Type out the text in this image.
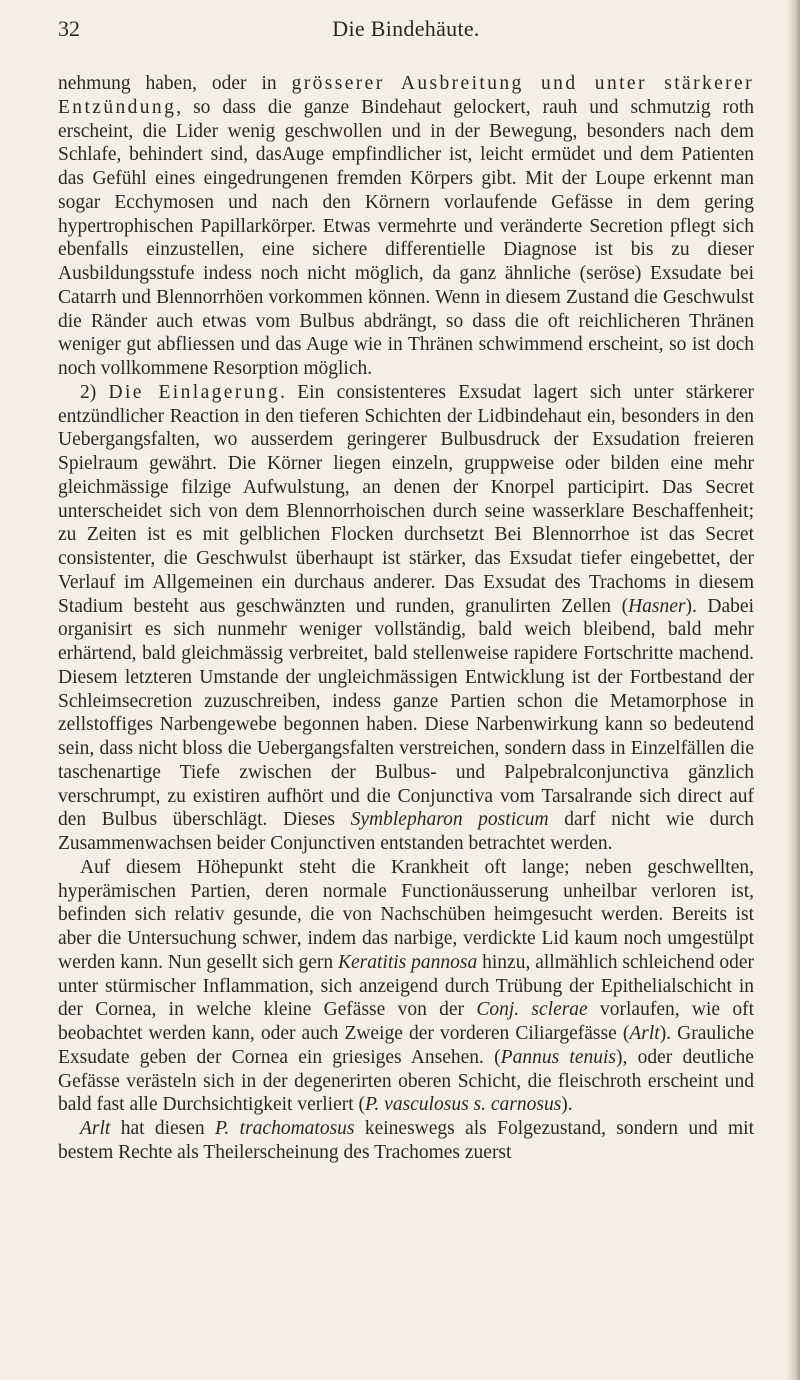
32	Die Bindehäute.

nehmung haben, oder in grösserer Ausbreitung und unter stärkerer Entzündung, so dass die ganze Bindehaut gelockert, rauh und schmutzig roth erscheint, die Lider wenig geschwollen und in der Bewegung, besonders nach dem Schlafe, behindert sind, dasAuge empfindlicher ist, leicht ermüdet und dem Patienten das Gefühl eines eingedrungenen fremden Körpers gibt. Mit der Loupe erkennt man sogar Ecchymosen und nach den Körnern vorlaufende Gefässe in dem gering hypertrophischen Papillarkörper. Etwas vermehrte und veränderte Secretion pflegt sich ebenfalls einzustellen, eine sichere differentielle Diagnose ist bis zu dieser Ausbildungsstufe indess noch nicht möglich, da ganz ähnliche (seröse) Exsudate bei Catarrh und Blennorrhöen vorkommen können. Wenn in diesem Zustand die Geschwulst die Ränder auch etwas vom Bulbus abdrängt, so dass die oft reichlicheren Thränen weniger gut abfliessen und das Auge wie in Thränen schwimmend erscheint, so ist doch noch vollkommene Resorption möglich.

2) Die Einlagerung. Ein consistenteres Exsudat lagert sich unter stärkerer entzündlicher Reaction in den tieferen Schichten der Lidbindehaut ein, besonders in den Uebergangsfalten, wo ausserdem geringerer Bulbusdruck der Exsudation freieren Spielraum gewährt. Die Körner liegen einzeln, gruppweise oder bilden eine mehr gleichmässige filzige Aufwulstung, an denen der Knorpel participirt. Das Secret unterscheidet sich von dem Blennorrhoischen durch seine wasserklare Beschaffenheit; zu Zeiten ist es mit gelblichen Flocken durchsetzt Bei Blennorrhoe ist das Secret consistenter, die Geschwulst überhaupt ist stärker, das Exsudat tiefer eingebettet, der Verlauf im Allgemeinen ein durchaus anderer. Das Exsudat des Trachoms in diesem Stadium besteht aus geschwänzten und runden, granulirten Zellen (Hasner). Dabei organisirt es sich nunmehr weniger vollständig, bald weich bleibend, bald mehr erhärtend, bald gleichmässig verbreitet, bald stellenweise rapidere Fortschritte machend. Diesem letzteren Umstande der ungleichmässigen Entwicklung ist der Fortbestand der Schleimsecretion zuzuschreiben, indess ganze Partien schon die Metamorphose in zellstoffiges Narbengewebe begonnen haben. Diese Narbenwirkung kann so bedeutend sein, dass nicht bloss die Uebergangsfalten verstreichen, sondern dass in Einzelfällen die taschenartige Tiefe zwischen der Bulbus- und Palpebralconjunctiva gänzlich verschrumpt, zu existiren aufhört und die Conjunctiva vom Tarsalrande sich direct auf den Bulbus überschlägt. Dieses Symblepharon posticum darf nicht wie durch Zusammenwachsen beider Conjunctiven entstanden betrachtet werden.

Auf diesem Höhepunkt steht die Krankheit oft lange; neben geschwellten, hyperämischen Partien, deren normale Functionäusserung unheilbar verloren ist, befinden sich relativ gesunde, die von Nachschüben heimgesucht werden. Bereits ist aber die Untersuchung schwer, indem das narbige, verdickte Lid kaum noch umgestülpt werden kann. Nun gesellt sich gern Keratitis pannosa hinzu, allmählich schleichend oder unter stürmischer Inflammation, sich anzeigend durch Trübung der Epithelialschicht in der Cornea, in welche kleine Gefässe von der Conj. sclerae vorlaufen, wie oft beobachtet werden kann, oder auch Zweige der vorderen Ciliargefässe (Arlt). Grauliche Exsudate geben der Cornea ein griesiges Ansehen. (Pannus tenuis), oder deutliche Gefässe verästeln sich in der degenerirten oberen Schicht, die fleischroth erscheint und bald fast alle Durchsichtigkeit verliert (P. vasculosus s. carnosus).

Arlt hat diesen P. trachomatosus keineswegs als Folgezustand, sondern und mit bestem Rechte als Theilerscheinung des Trachomes zuerst
